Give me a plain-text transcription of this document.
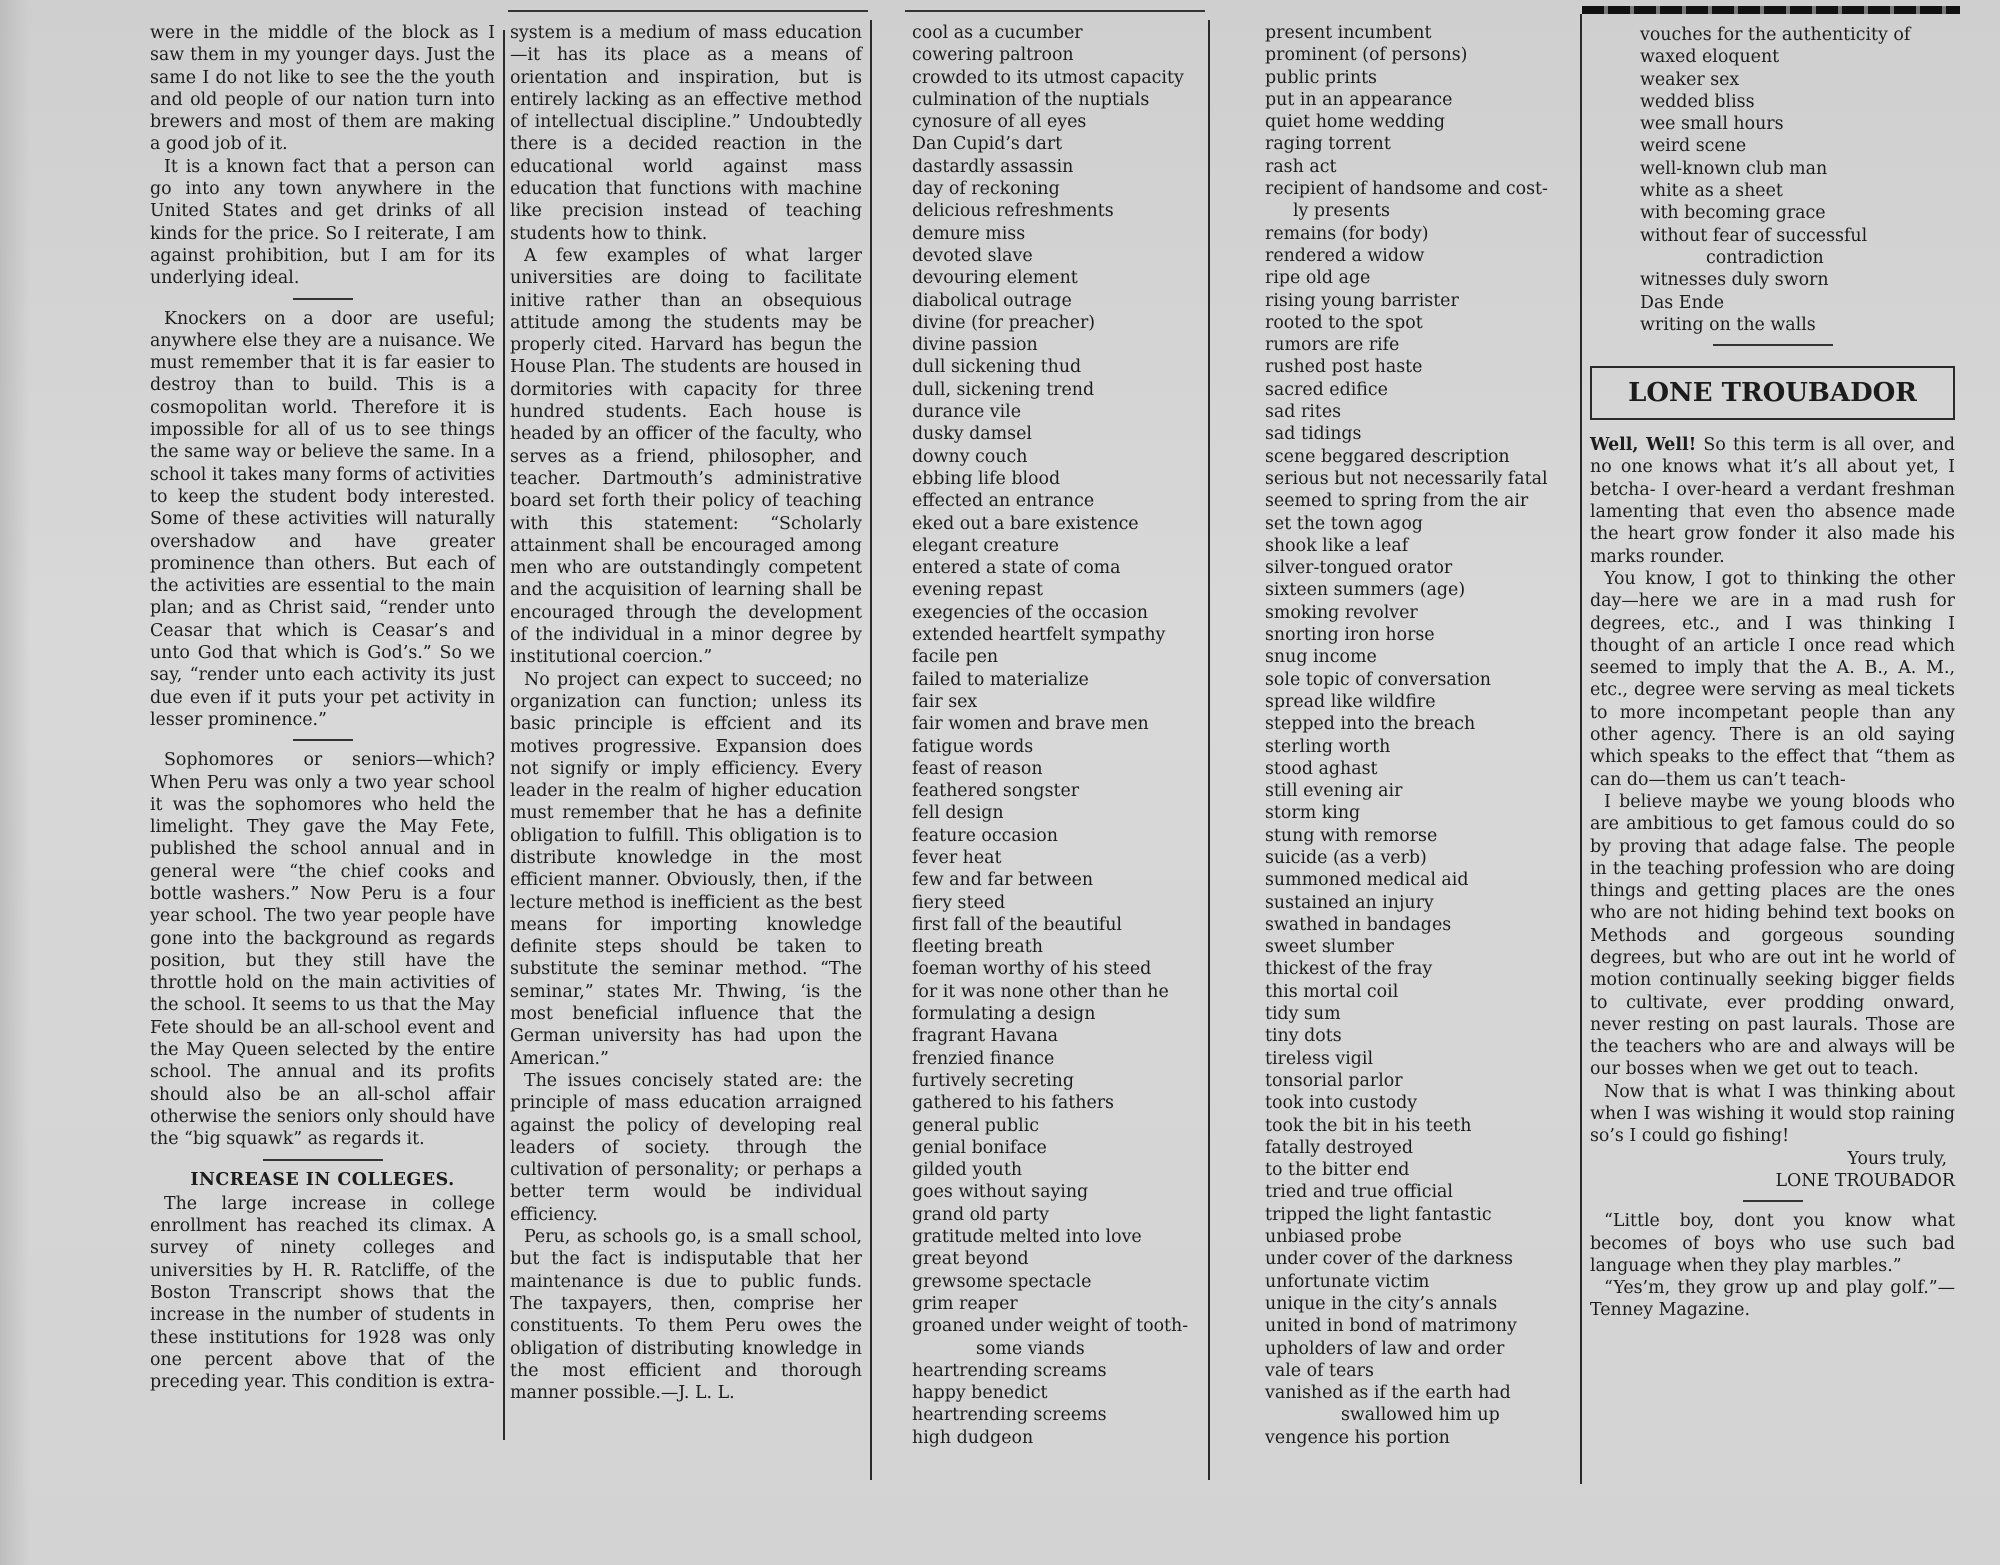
were in the middle of the block as I saw them in my younger days. Just the same I do not like to see the the youth and old people of our nation turn into brewers and most of them are making a good job of it.

It is a known fact that a person can go into any town anywhere in the United States and get drinks of all kinds for the price. So I reiterate, I am against prohibition, but I am for its underlying ideal.

Knockers on a door are useful; anywhere else they are a nuisance. We must remember that it is far easier to destroy than to build. This is a cosmopolitan world. Therefore it is impossible for all of us to see things the same way or believe the same. In a school it takes many forms of activities to keep the student body interested. Some of these activities will naturally overshadow and have greater prominence than others. But each of the activities are essential to the main plan; and as Christ said, “render unto Ceasar that which is Ceasar’s and unto God that which is God’s.” So we say, “render unto each activity its just due even if it puts your pet activity in lesser prominence.”

Sophomores or seniors—which? When Peru was only a two year school it was the sophomores who held the limelight. They gave the May Fete, published the school annual and in general were “the chief cooks and bottle washers.” Now Peru is a four year school. The two year people have gone into the background as regards position, but they still have the throttle hold on the main activities of the school. It seems to us that the May Fete should be an all-school event and the May Queen selected by the entire school. The annual and its profits should also be an all-schol affair otherwise the seniors only should have the “big squawk” as regards it.

INCREASE IN COLLEGES.

The large increase in college enrollment has reached its climax. A survey of ninety colleges and universities by H. R. Ratcliffe, of the Boston Transcript shows that the increase in the number of students in these institutions for 1928 was only one percent above that of the preceding year. This condition is extra-

system is a medium of mass education —it has its place as a means of orientation and inspiration, but is entirely lacking as an effective method of intellectual discipline.” Undoubtedly there is a decided reaction in the educational world against mass education that functions with machine like precision instead of teaching students how to think.

A few examples of what larger universities are doing to facilitate initive rather than an obsequious attitude among the students may be properly cited. Harvard has begun the House Plan. The students are housed in dormitories with capacity for three hundred students. Each house is headed by an officer of the faculty, who serves as a friend, philosopher, and teacher. Dartmouth’s administrative board set forth their policy of teaching with this statement: “Scholarly attainment shall be encouraged among men who are outstandingly competent and the acquisition of learning shall be encouraged through the development of the individual in a minor degree by institutional coercion.”

No project can expect to succeed; no organization can function; unless its basic principle is effcient and its motives progressive. Expansion does not signify or imply efficiency. Every leader in the realm of higher education must remember that he has a definite obligation to fulfill. This obligation is to distribute knowledge in the most efficient manner. Obviously, then, if the lecture method is inefficient as the best means for importing knowledge definite steps should be taken to substitute the seminar method. “The seminar,” states Mr. Thwing, ‘is the most beneficial influence that the German university has had upon the American.”

The issues concisely stated are: the principle of mass education arraigned against the policy of developing real leaders of society. through the cultivation of personality; or perhaps a better term would be individual efficiency.

Peru, as schools go, is a small school, but the fact is indisputable that her maintenance is due to public funds. The taxpayers, then, comprise her constituents. To them Peru owes the obligation of distributing knowledge in the most efficient and thorough manner possible.—J. L. L.

cool as a cucumber
cowering paltroon
crowded to its utmost capacity
culmination of the nuptials
cynosure of all eyes
Dan Cupid’s dart
dastardly assassin
day of reckoning
delicious refreshments
demure miss
devoted slave
devouring element
diabolical outrage
divine (for preacher)
divine passion
dull sickening thud
dull, sickening trend
durance vile
dusky damsel
downy couch
ebbing life blood
effected an entrance
eked out a bare existence
elegant creature
entered a state of coma
evening repast
exegencies of the occasion
extended heartfelt sympathy
facile pen
failed to materialize
fair sex
fair women and brave men
fatigue words
feast of reason
feathered songster
fell design
feature occasion
fever heat
few and far between
fiery steed
first fall of the beautiful
fleeting breath
foeman worthy of his steed
for it was none other than he
formulating a design
fragrant Havana
frenzied finance
furtively secreting
gathered to his fathers
general public
genial boniface
gilded youth
goes without saying
grand old party
gratitude melted into love
great beyond
grewsome spectacle
grim reaper
groaned under weight of tooth-
some viands
heartrending screams
happy benedict
heartrending screems
high dudgeon
present incumbent
prominent (of persons)
public prints
put in an appearance
quiet home wedding
raging torrent
rash act
recipient of handsome and cost-
ly presents
remains (for body)
rendered a widow
ripe old age
rising young barrister
rooted to the spot
rumors are rife
rushed post haste
sacred edifice
sad rites
sad tidings
scene beggared description
serious but not necessarily fatal
seemed to spring from the air
set the town agog
shook like a leaf
silver-tongued orator
sixteen summers (age)
smoking revolver
snorting iron horse
snug income
sole topic of conversation
spread like wildfire
stepped into the breach
sterling worth
stood aghast
still evening air
storm king
stung with remorse
suicide (as a verb)
summoned medical aid
sustained an injury
swathed in bandages
sweet slumber
thickest of the fray
this mortal coil
tidy sum
tiny dots
tireless vigil
tonsorial parlor
took into custody
took the bit in his teeth
fatally destroyed
to the bitter end
tried and true official
tripped the light fantastic
unbiased probe
under cover of the darkness
unfortunate victim
unique in the city’s annals
united in bond of matrimony
upholders of law and order
vale of tears
vanished as if the earth had
swallowed him up
vengence his portion
vouches for the authenticity of
waxed eloquent
weaker sex
wedded bliss
wee small hours
weird scene
well-known club man
white as a sheet
with becoming grace
without fear of successful
contradiction
witnesses duly sworn
Das Ende
writing on the walls
LONE TROUBADOR

Well, Well! So this term is all over, and no one knows what it’s all about yet, I betcha- I over-heard a verdant freshman lamenting that even tho absence made the heart grow fonder it also made his marks rounder.

You know, I got to thinking the other day—here we are in a mad rush for degrees, etc., and I was thinking I thought of an article I once read which seemed to imply that the A. B., A. M., etc., degree were serving as meal tickets to more incompetant people than any other agency. There is an old saying which speaks to the effect that “them as can do—them us can’t teach-

I believe maybe we young bloods who are ambitious to get famous could do so by proving that adage false. The people in the teaching profession who are doing things and getting places are the ones who are not hiding behind text books on Methods and gorgeous sounding degrees, but who are out int he world of motion continually seeking bigger fields to cultivate, ever prodding onward, never resting on past laurals. Those are the teachers who are and always will be our bosses when we get out to teach.

Now that is what I was thinking about when I was wishing it would stop raining so’s I could go fishing!

Yours truly,

LONE TROUBADOR

“Little boy, dont you know what becomes of boys who use such bad language when they play marbles.”

“Yes’m, they grow up and play golf.”—Tenney Magazine.
